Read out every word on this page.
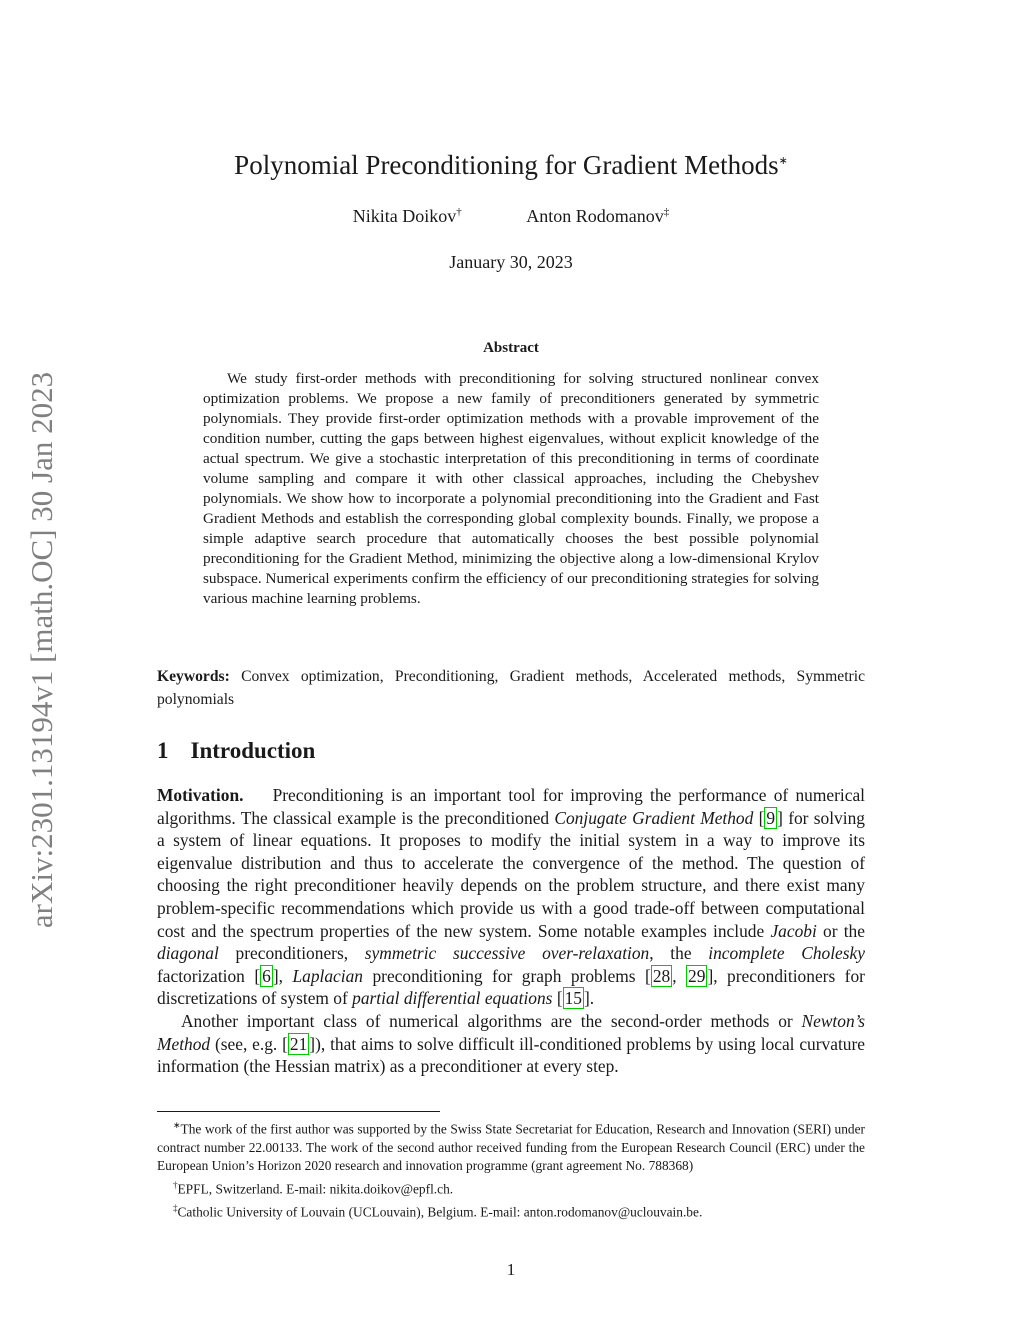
arXiv:2301.13194v1 [math.OC] 30 Jan 2023
Polynomial Preconditioning for Gradient Methods∗
Nikita Doikov†	Anton Rodomanov‡
January 30, 2023
Abstract
We study first-order methods with preconditioning for solving structured nonlinear convex optimization problems. We propose a new family of preconditioners generated by symmetric polynomials. They provide first-order optimization methods with a provable improvement of the condition number, cutting the gaps between highest eigenvalues, without explicit knowledge of the actual spectrum. We give a stochastic interpretation of this preconditioning in terms of coordinate volume sampling and compare it with other classical approaches, including the Chebyshev polynomials. We show how to incorporate a polynomial preconditioning into the Gradient and Fast Gradient Methods and establish the corresponding global complexity bounds. Finally, we propose a simple adaptive search procedure that automatically chooses the best possible polynomial preconditioning for the Gradient Method, minimizing the objective along a low-dimensional Krylov subspace. Numerical experiments confirm the efficiency of our preconditioning strategies for solving various machine learning problems.
Keywords: Convex optimization, Preconditioning, Gradient methods, Accelerated methods, Symmetric polynomials
1 Introduction

Motivation. Preconditioning is an important tool for improving the performance of numerical algorithms. The classical example is the preconditioned Conjugate Gradient Method [ 9 ] for solving a system of linear equations. It proposes to modify the initial system in a way to improve its eigenvalue distribution and thus to accelerate the convergence of the method. The question of choosing the right preconditioner heavily depends on the problem structure, and there exist many problem-specific recommendations which provide us with a good trade-off between computational cost and the spectrum properties of the new system. Some notable examples include Jacobi or the diagonal preconditioners, symmetric successive over-relaxation, the incomplete Cholesky factorization [ 6 ], Laplacian preconditioning for graph problems [ 28 , 29 ], preconditioners for discretizations of system of partial differential equations [ 15 ].

Another important class of numerical algorithms are the second-order methods or Newton’s Method (see, e.g. [ 21 ]), that aims to solve difficult ill-conditioned problems by using local curvature information (the Hessian matrix) as a preconditioner at every step.

∗The work of the first author was supported by the Swiss State Secretariat for Education, Research and Innovation (SERI) under contract number 22.00133. The work of the second author received funding from the European Research Council (ERC) under the European Union’s Horizon 2020 research and innovation programme (grant agreement No. 788368)

†EPFL, Switzerland. E-mail: nikita.doikov@epfl.ch.

‡Catholic University of Louvain (UCLouvain), Belgium. E-mail: anton.rodomanov@uclouvain.be.

1
